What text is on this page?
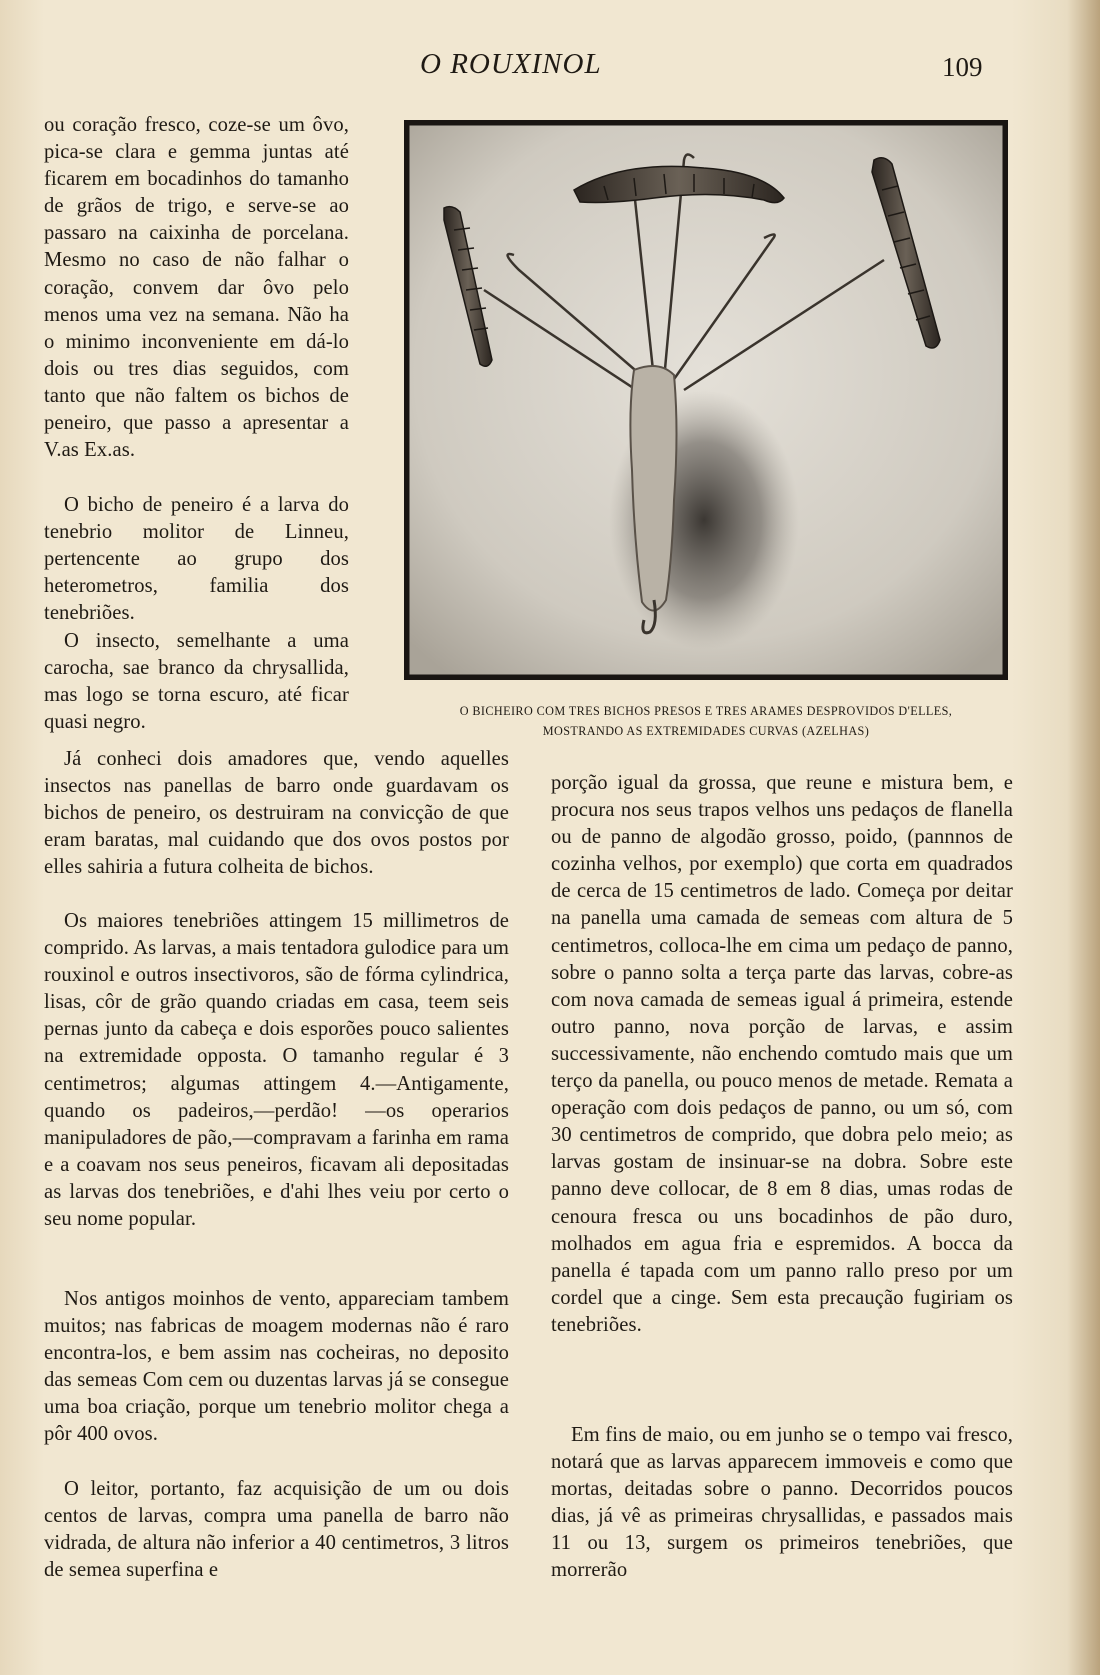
O ROUXINOL	109

ou coração fresco, coze-se um ôvo, pica-se clara e gemma juntas até ficarem em bocadinhos do tamanho de grãos de trigo, e serve-se ao passaro na caixinha de porcelana. Mesmo no caso de não falhar o coração, convem dar ôvo pelo menos uma vez na semana. Não ha o minimo inconveniente em dá-lo dois ou tres dias seguidos, com tanto que não faltem os bichos de peneiro, que passo a apresentar a V.as Ex.as.

O bicho de peneiro é a larva do tenebrio molitor de Linneu, pertencente ao grupo dos heterometros, familia dos tenebriões.

O insecto, semelhante a uma carocha, sae branco da chrysallida, mas logo se torna escuro, até ficar quasi negro.

Já conheci dois amadores que, vendo aquelles insectos nas panellas de barro onde guardavam os bichos de peneiro, os destruiram na convicção de que eram baratas, mal cuidando que dos ovos postos por elles sahiria a futura colheita de bichos.

Os maiores tenebriões attingem 15 millimetros de comprido. As larvas, a mais tentadora gulodice para um rouxinol e outros insectivoros, são de fórma cylindrica, lisas, côr de grão quando criadas em casa, teem seis pernas junto da cabeça e dois esporões pouco salientes na extremidade opposta. O tamanho regular é 3 centimetros; algumas attingem 4.—Antigamente, quando os padeiros,—perdão! —os operarios manipuladores de pão,—compravam a farinha em rama e a coavam nos seus peneiros, ficavam ali depositadas as larvas dos tenebriões, e d'ahi lhes veiu por certo o seu nome popular.

Nos antigos moinhos de vento, appareciam tambem muitos; nas fabricas de moagem modernas não é raro encontra-los, e bem assim nas cocheiras, no deposito das semeas Com cem ou duzentas larvas já se consegue uma boa criação, porque um tenebrio molitor chega a pôr 400 ovos.

O leitor, portanto, faz acquisição de um ou dois centos de larvas, compra uma panella de barro não vidrada, de altura não inferior a 40 centimetros, 3 litros de semea superfina e

O BICHEIRO COM TRES BICHOS PRESOS E TRES ARAMES DESPROVIDOS D'ELLES,
MOSTRANDO AS EXTREMIDADES CURVAS (AZELHAS)

porção igual da grossa, que reune e mistura bem, e procura nos seus trapos velhos uns pedaços de flanella ou de panno de algodão grosso, poido, (pannnos de cozinha velhos, por exemplo) que corta em quadrados de cerca de 15 centimetros de lado. Começa por deitar na panella uma camada de semeas com altura de 5 centimetros, colloca-lhe em cima um pedaço de panno, sobre o panno solta a terça parte das larvas, cobre-as com nova camada de semeas igual á primeira, estende outro panno, nova porção de larvas, e assim successivamente, não enchendo comtudo mais que um terço da panella, ou pouco menos de metade. Remata a operação com dois pedaços de panno, ou um só, com 30 centimetros de comprido, que dobra pelo meio; as larvas gostam de insinuar-se na dobra. Sobre este panno deve collocar, de 8 em 8 dias, umas rodas de cenoura fresca ou uns bocadinhos de pão duro, molhados em agua fria e espremidos. A bocca da panella é tapada com um panno rallo preso por um cordel que a cinge. Sem esta precaução fugiriam os tenebriões.

Em fins de maio, ou em junho se o tempo vai fresco, notará que as larvas apparecem immoveis e como que mortas, deitadas sobre o panno. Decorridos poucos dias, já vê as primeiras chrysallidas, e passados mais 11 ou 13, surgem os primeiros tenebriões, que morrerão
